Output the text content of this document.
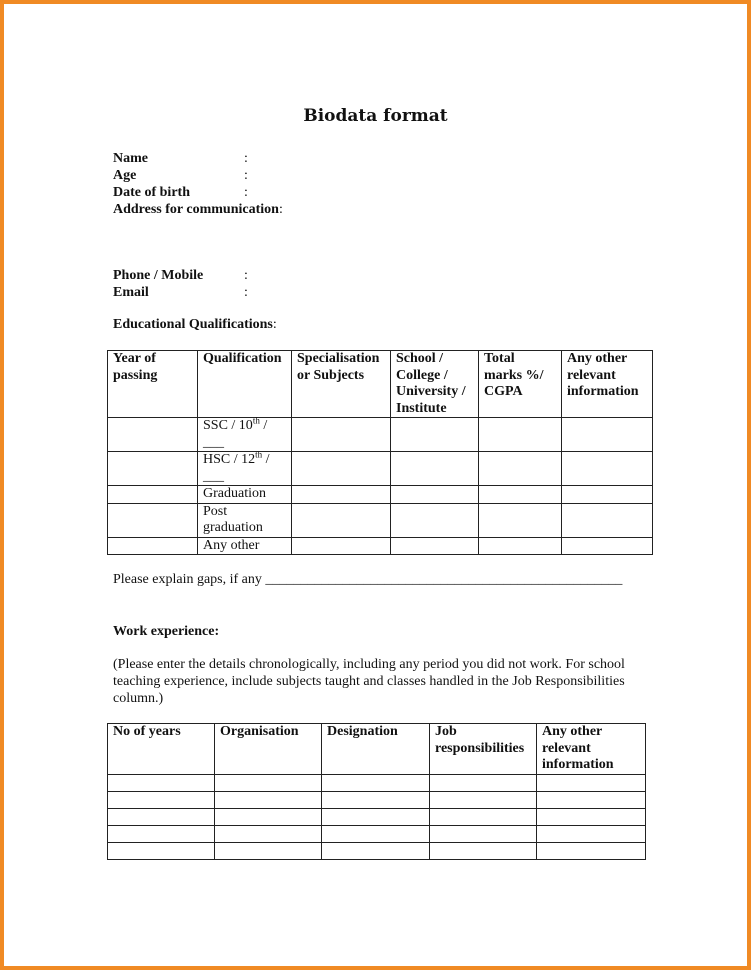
Biodata format
Name	:
Age	:
Date of birth	:
Address for communication:
Phone / Mobile	:
Email	:
Educational Qualifications:
Year of passing	Qualification	Specialisation or Subjects	School / College / University / Institute	Total marks %/ CGPA	Any other relevant information
	SSC / 10th / ___				
	HSC / 12th / ___				
	Graduation				
	Post graduation				
	Any other				
Please explain gaps, if any ___________________________________________________
Work experience:
(Please enter the details chronologically, including any period you did not work. For school teaching experience, include subjects taught and classes handled in the Job Responsibilities column.)
No of years	Organisation	Designation	Job responsibilities	Any other relevant information
